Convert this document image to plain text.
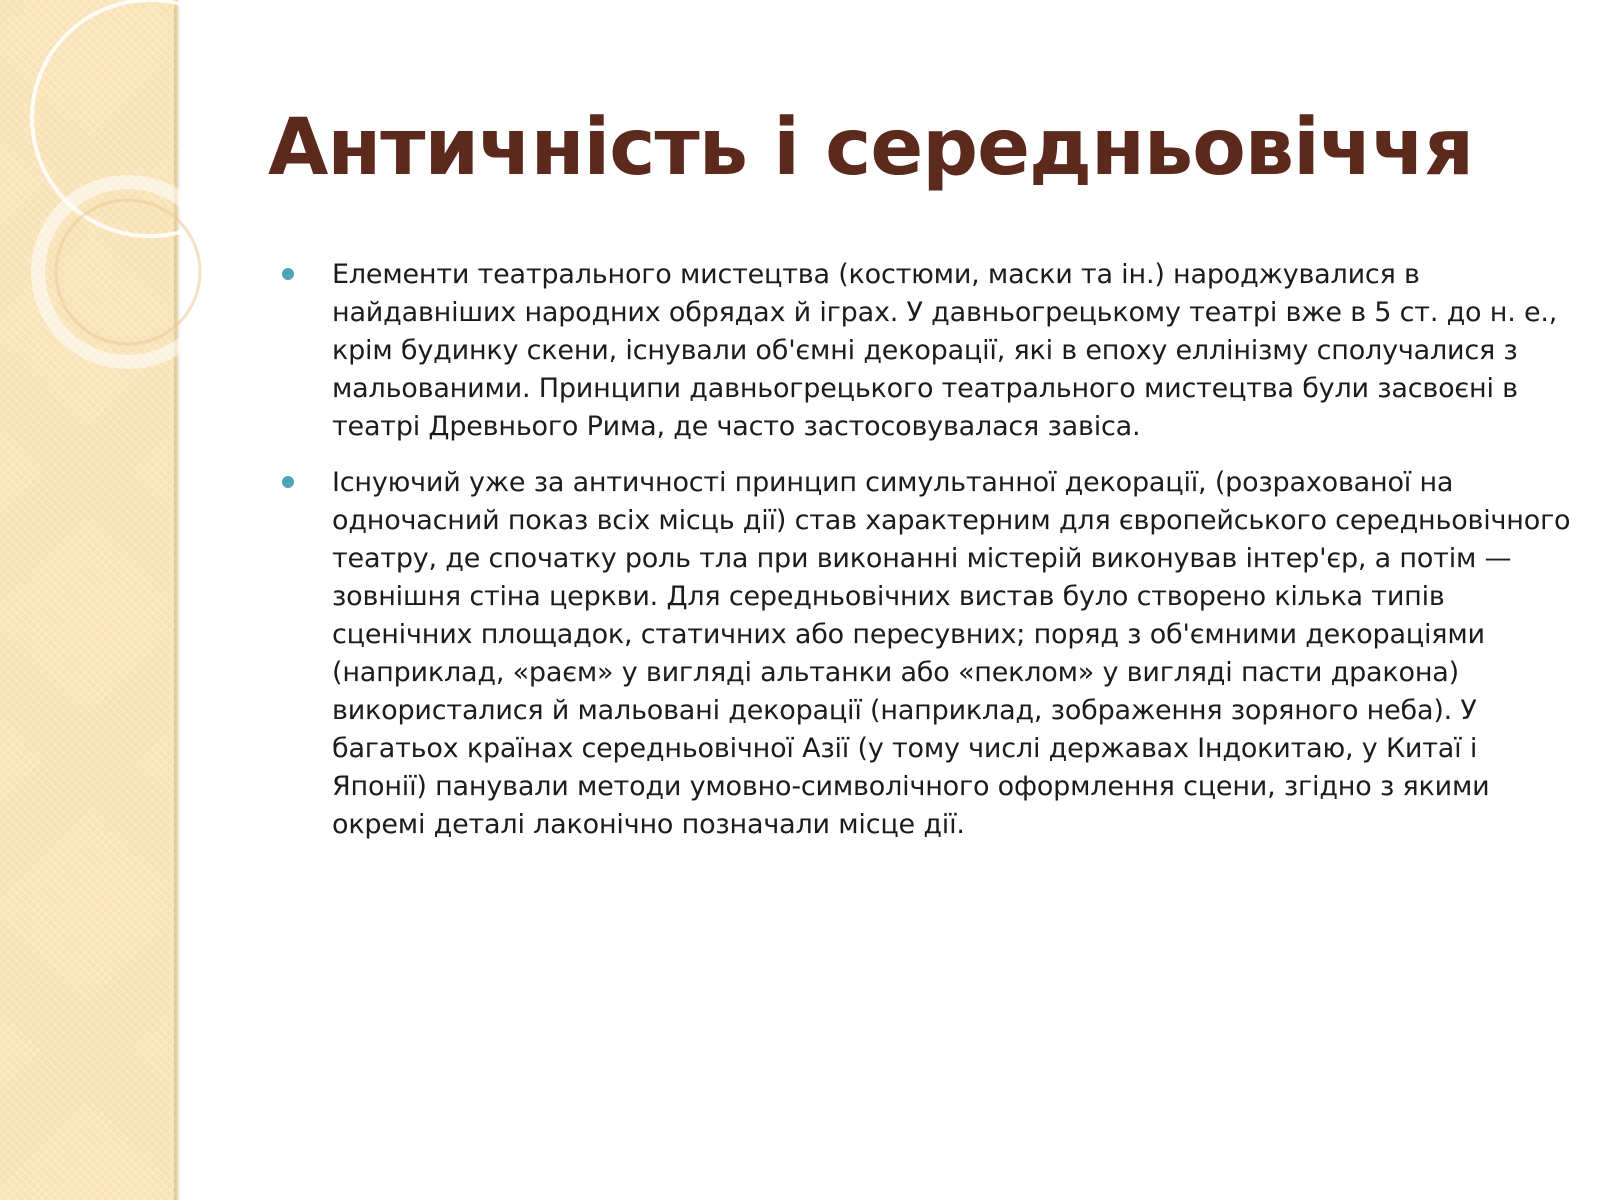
Античність і середньовіччя
Елементи театрального мистецтва (костюми, маски та ін.) народжувалися в найдавніших народних обрядах й іграх. У давньогрецькому театрі вже в 5 ст. до н. е., крім будинку скени, існували об'ємні декорації, які в епоху еллінізму сполучалися з мальованими. Принципи давньогрецького театрального мистецтва були засвоєні в театрі Древнього Рима, де часто застосовувалася завіса.
Існуючий уже за античності принцип симультанної декорації, (розрахованої на одночасний показ всіх місць дії) став характерним для європейського середньовічного театру, де спочатку роль тла при виконанні містерій виконував інтер'єр, а потім — зовнішня стіна церкви. Для середньовічних вистав було створено кілька типів сценічних площадок, статичних або пересувних; поряд з об'ємними декораціями (наприклад, «раєм» у вигляді альтанки або «пеклом» у вигляді пасти дракона) використалися й мальовані декорації (наприклад, зображення зоряного неба). У багатьох країнах середньовічної Азії (у тому числі державах Індокитаю, у Китаї і Японії) панували методи умовно-символічного оформлення сцени, згідно з якими окремі деталі лаконічно позначали місце дії.
